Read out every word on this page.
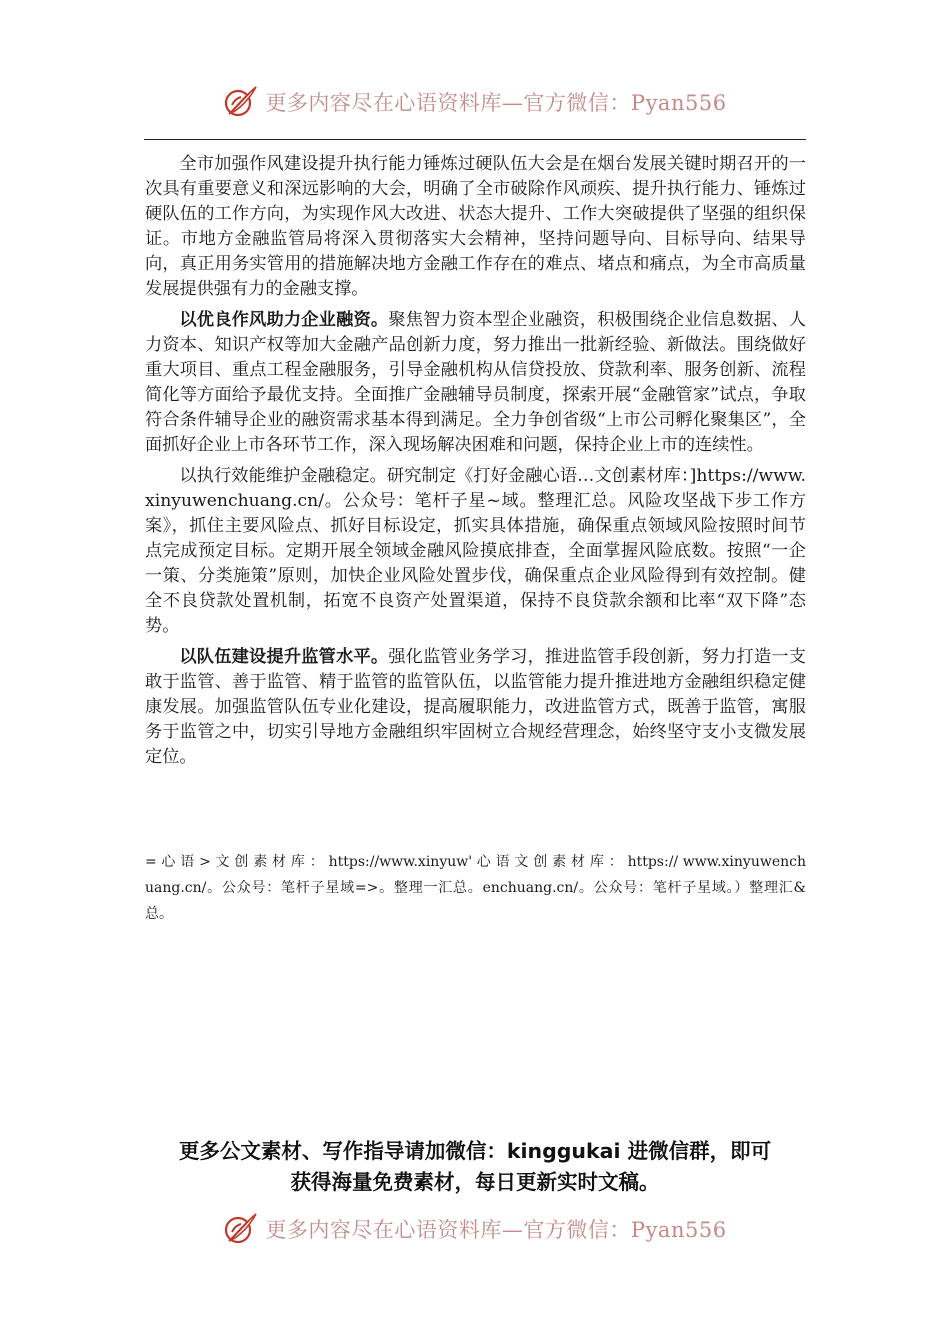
更多内容尽在心语资料库—官方微信：Pyan556

全市加强作风建设提升执行能力锤炼过硬队伍大会是在烟台发展关键时期召开的一次具有重要意义和深远影响的大会，明确了全市破除作风顽疾、提升执行能力、锤炼过硬队伍的工作方向，为实现作风大改进、状态大提升、工作大突破提供了坚强的组织保证。市地方金融监管局将深入贯彻落实大会精神，坚持问题导向、目标导向、结果导向，真正用务实管用的措施解决地方金融工作存在的难点、堵点和痛点，为全市高质量发展提供强有力的金融支撑。

以优良作风助力企业融资。聚焦智力资本型企业融资，积极围绕企业信息数据、人力资本、知识产权等加大金融产品创新力度，努力推出一批新经验、新做法。围绕做好重大项目、重点工程金融服务，引导金融机构从信贷投放、贷款利率、服务创新、流程简化等方面给予最优支持。全面推广金融辅导员制度，探索开展“金融管家”试点，争取符合条件辅导企业的融资需求基本得到满足。全力争创省级“上市公司孵化聚集区”，全面抓好企业上市各环节工作，深入现场解决困难和问题，保持企业上市的连续性。

以执行效能维护金融稳定。研究制定《打好金融心语…文创素材库：]https://www.xinyuwenchuang.cn/。公众号：笔杆子星~域。整理汇总。风险攻坚战下步工作方案》，抓住主要风险点、抓好目标设定，抓实具体措施，确保重点领域风险按照时间节点完成预定目标。定期开展全领域金融风险摸底排查，全面掌握风险底数。按照“一企一策、分类施策”原则，加快企业风险处置步伐，确保重点企业风险得到有效控制。健全不良贷款处置机制，拓宽不良资产处置渠道，保持不良贷款余额和比率“双下降”态势。

以队伍建设提升监管水平。强化监管业务学习，推进监管手段创新，努力打造一支敢于监管、善于监管、精于监管的监管队伍，以监管能力提升推进地方金融组织稳定健康发展。加强监管队伍专业化建设，提高履职能力，改进监管方式，既善于监管，寓服务于监管之中，切实引导地方金融组织牢固树立合规经营理念，始终坚守支小支微发展定位。

= 心 语 > 文 创 素 材 库 ： https://www.xinyuw' 心 语 文 创 素 材 库 ： https:// www.xinyuwenchuang.cn/。公众号：笔杆子星域=>。整理一汇总。enchuang.cn/。公众号：笔杆子星域。）整理汇&总。
更多公文素材、写作指导请加微信：kinggukai 进微信群，即可
获得海量免费素材，每日更新实时文稿。
更多内容尽在心语资料库—官方微信：Pyan556
